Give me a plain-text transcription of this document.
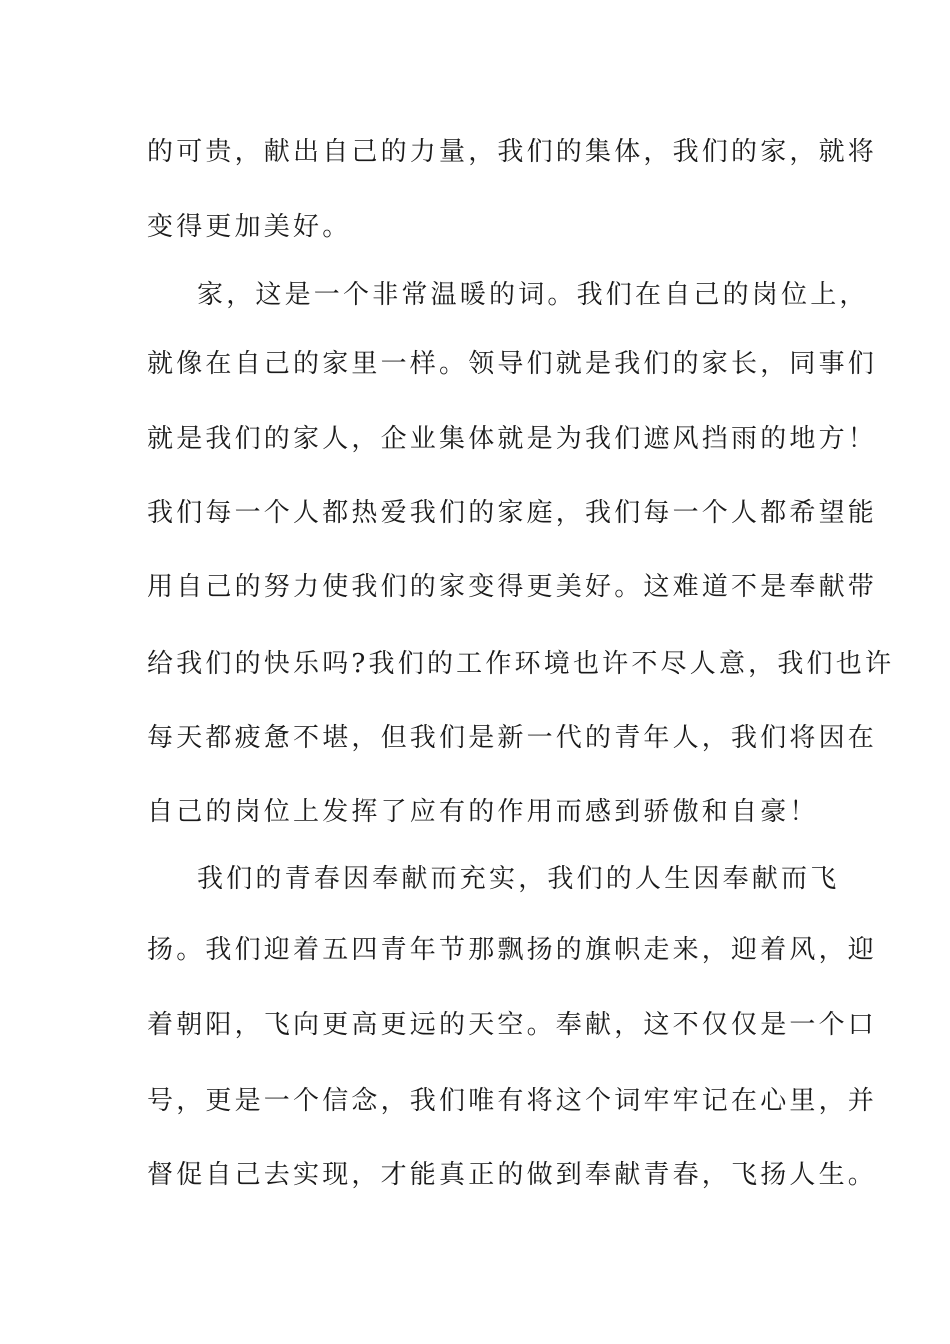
的可贵，献出自己的力量，我们的集体，我们的家，就将
变得更加美好。
家，这是一个非常温暖的词。我们在自己的岗位上，
就像在自己的家里一样。领导们就是我们的家长，同事们
就是我们的家人，企业集体就是为我们遮风挡雨的地方！
我们每一个人都热爱我们的家庭，我们每一个人都希望能
用自己的努力使我们的家变得更美好。这难道不是奉献带
给我们的快乐吗?我们的工作环境也许不尽人意，我们也许
每天都疲惫不堪，但我们是新一代的青年人，我们将因在
自己的岗位上发挥了应有的作用而感到骄傲和自豪！
我们的青春因奉献而充实，我们的人生因奉献而飞
扬。我们迎着五四青年节那飘扬的旗帜走来，迎着风，迎
着朝阳，飞向更高更远的天空。奉献，这不仅仅是一个口
号，更是一个信念，我们唯有将这个词牢牢记在心里，并
督促自己去实现，才能真正的做到奉献青春，飞扬人生。
